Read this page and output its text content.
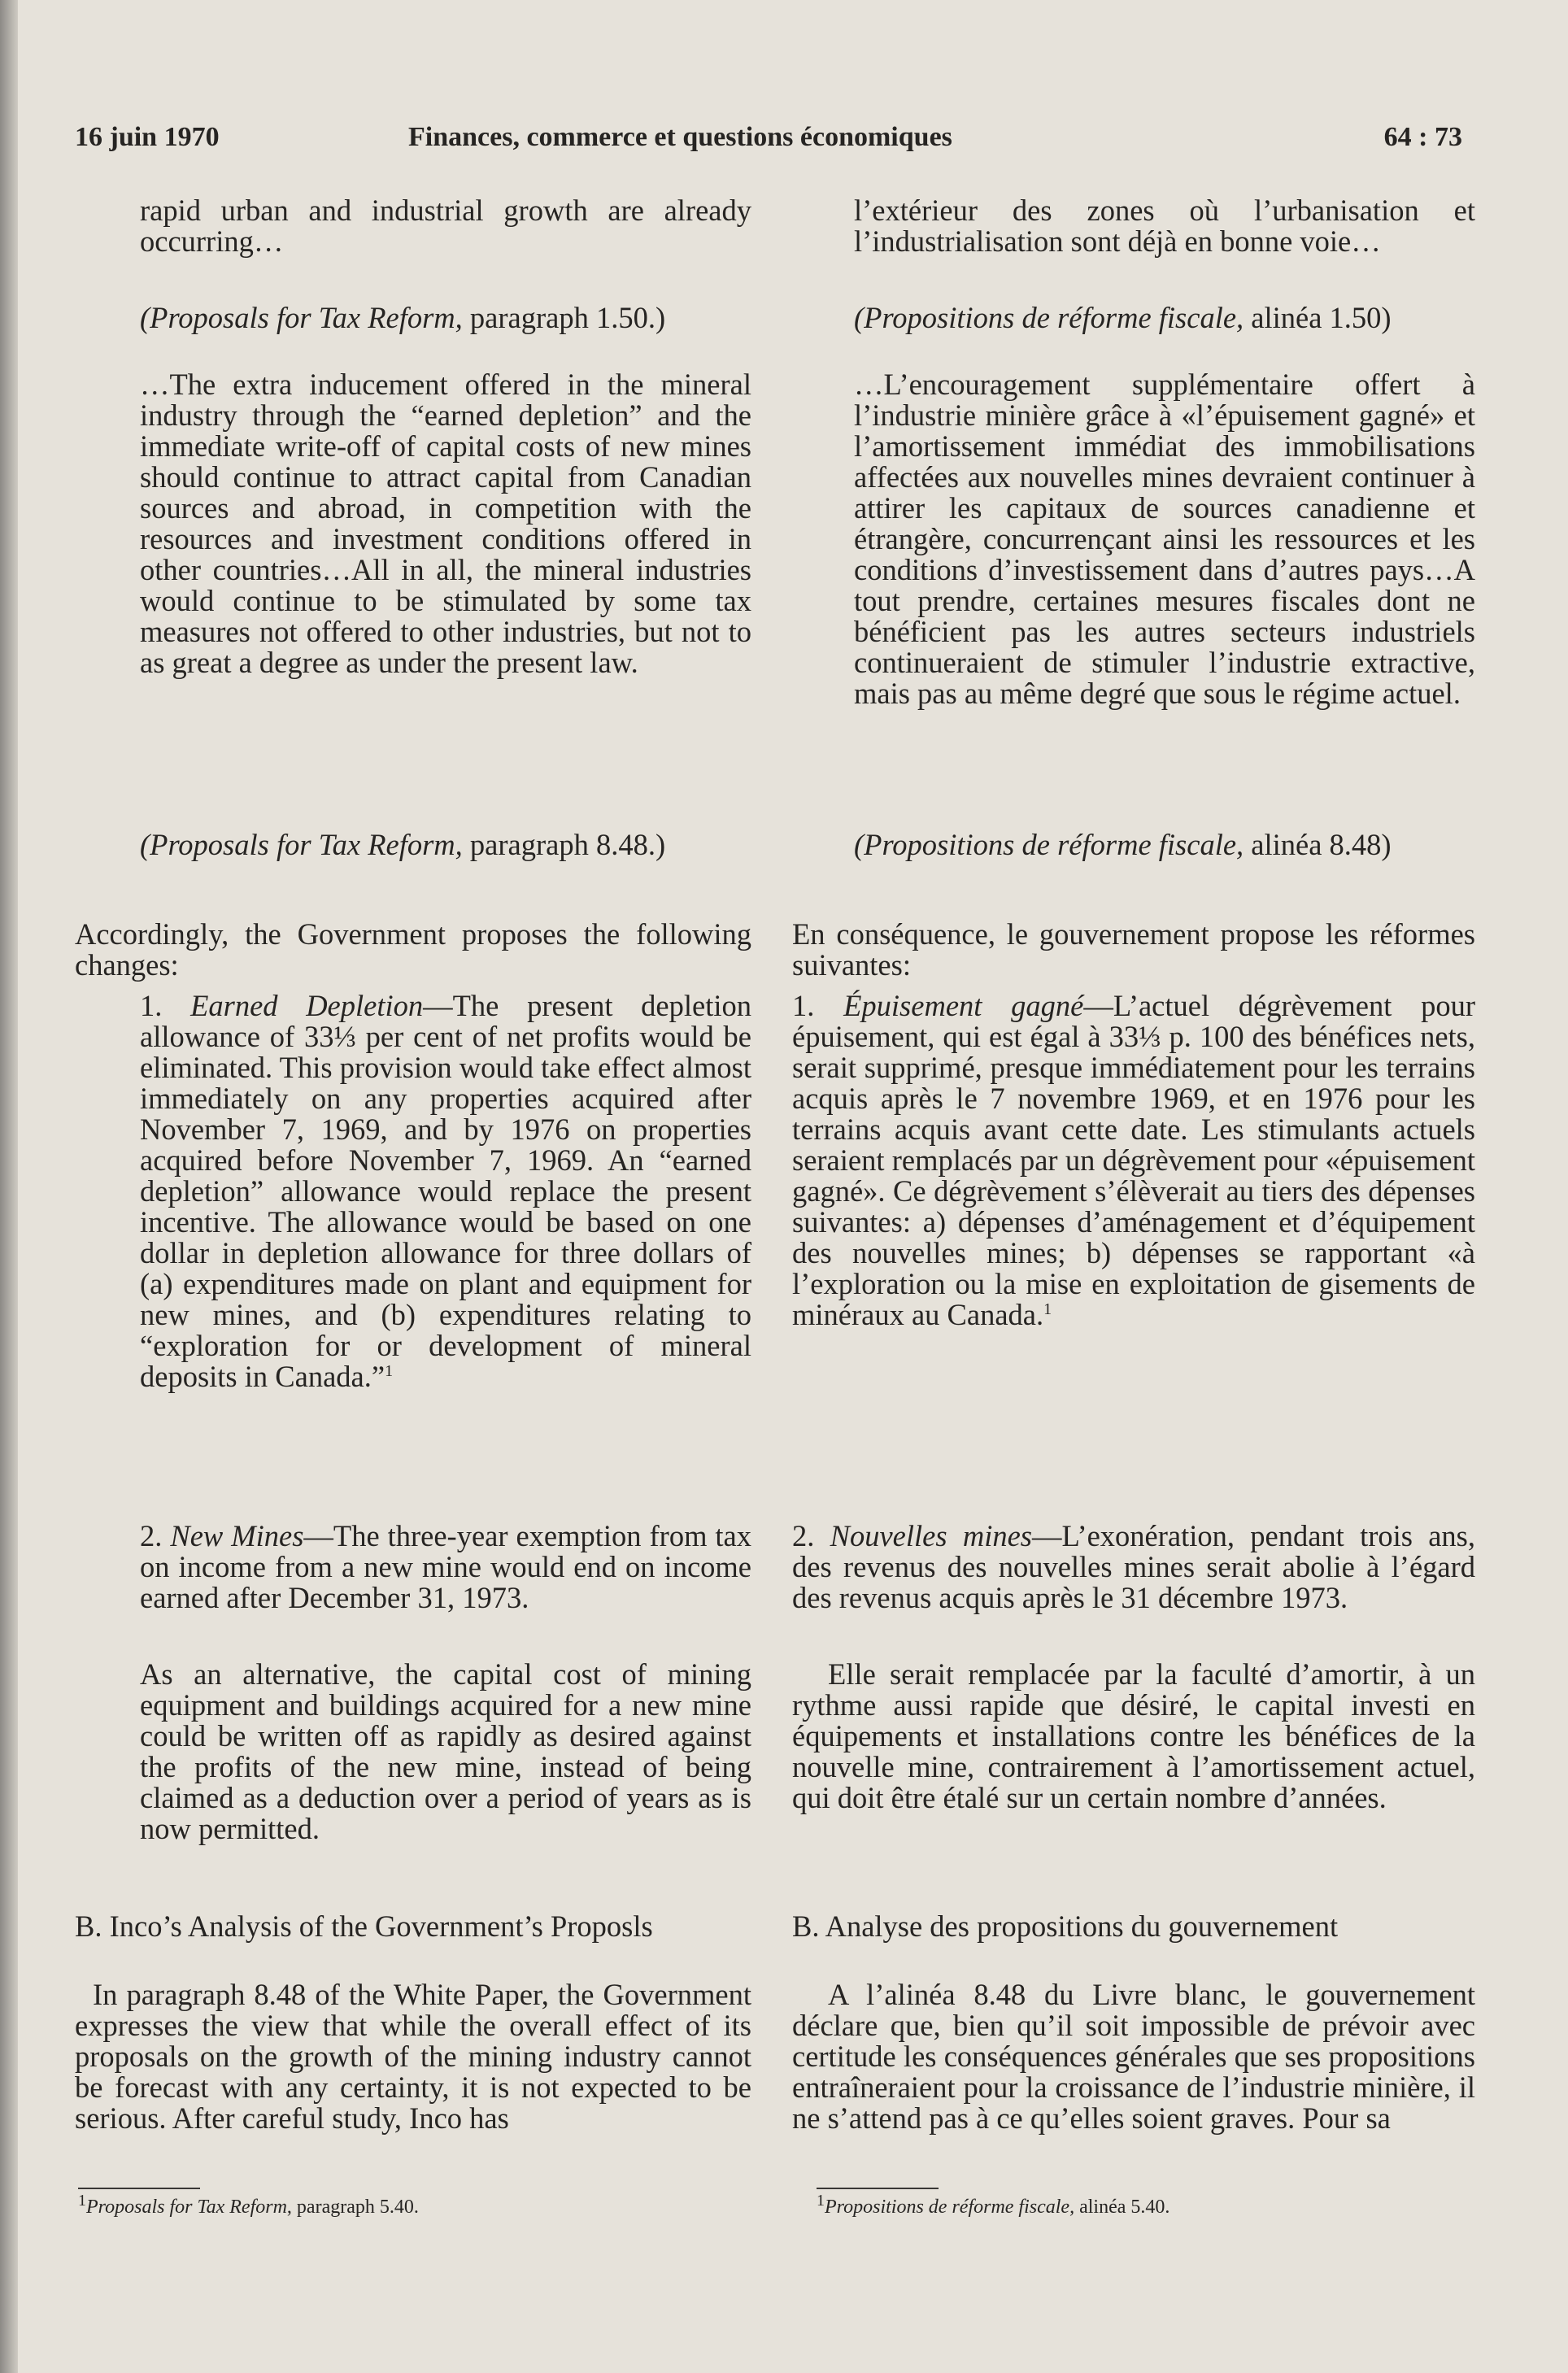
16 juin 1970	Finances, commerce et questions économiques	64 : 73

rapid urban and industrial growth are already occurring…

(Proposals for Tax Reform, paragraph 1.50.)

…The extra inducement offered in the mineral industry through the “earned depletion” and the immediate write-off of capital costs of new mines should continue to attract capital from Canadian sources and abroad, in competition with the resources and investment conditions offered in other countries…All in all, the mineral industries would continue to be stimulated by some tax measures not offered to other industries, but not to as great a degree as under the present law.

(Proposals for Tax Reform, paragraph 8.48.)

Accordingly, the Government proposes the following changes:

1. Earned Depletion—The present depletion allowance of 33⅓ per cent of net profits would be eliminated. This provision would take effect almost immediately on any properties acquired after November 7, 1969, and by 1976 on properties acquired before November 7, 1969. An “earned depletion” allowance would replace the present incentive. The allowance would be based on one dollar in depletion allowance for three dollars of (a) expenditures made on plant and equipment for new mines, and (b) expenditures relating to “exploration for or development of mineral deposits in Canada.”$^1$

2. New Mines—The three-year exemption from tax on income from a new mine would end on income earned after December 31, 1973.

As an alternative, the capital cost of mining equipment and buildings acquired for a new mine could be written off as rapidly as desired against the profits of the new mine, instead of being claimed as a deduction over a period of years as is now permitted.

B. Inco’s Analysis of the Government’s Proposls

In paragraph 8.48 of the White Paper, the Government expresses the view that while the overall effect of its proposals on the growth of the mining industry cannot be forecast with any certainty, it is not expected to be serious. After careful study, Inco has

l’extérieur des zones où l’urbanisation et l’industrialisation sont déjà en bonne voie…

(Propositions de réforme fiscale, alinéa 1.50)

…L’encouragement supplémentaire offert à l’industrie minière grâce à «l’épuisement gagné» et l’amortissement immédiat des immobilisations affectées aux nouvelles mines devraient continuer à attirer les capitaux de sources canadienne et étrangère, concurrençant ainsi les ressources et les conditions d’investissement dans d’autres pays…A tout prendre, certaines mesures fiscales dont ne bénéficient pas les autres secteurs industriels continueraient de stimuler l’industrie extractive, mais pas au même degré que sous le régime actuel.

(Propositions de réforme fiscale, alinéa 8.48)

En conséquence, le gouvernement propose les réformes suivantes:

1. Épuisement gagné—L’actuel dégrèvement pour épuisement, qui est égal à 33⅓ p. 100 des bénéfices nets, serait supprimé, presque immédiatement pour les terrains acquis après le 7 novembre 1969, et en 1976 pour les terrains acquis avant cette date. Les stimulants actuels seraient remplacés par un dégrèvement pour «épuisement gagné». Ce dégrèvement s’élèverait au tiers des dépenses suivantes: a) dépenses d’aménagement et d’équipement des nouvelles mines; b) dépenses se rapportant «à l’exploration ou la mise en exploitation de gisements de minéraux au Canada.$^1$

2. Nouvelles mines—L’exonération, pendant trois ans, des revenus des nouvelles mines serait abolie à l’égard des revenus acquis après le 31 décembre 1973.

Elle serait remplacée par la faculté d’amortir, à un rythme aussi rapide que désiré, le capital investi en équipements et installations contre les bénéfices de la nouvelle mine, contrairement à l’amortissement actuel, qui doit être étalé sur un certain nombre d’années.

B. Analyse des propositions du gouvernement

A l’alinéa 8.48 du Livre blanc, le gouvernement déclare que, bien qu’il soit impossible de prévoir avec certitude les conséquences générales que ses propositions entraîneraient pour la croissance de l’industrie minière, il ne s’attend pas à ce qu’elles soient graves. Pour sa

$^1$Proposals for Tax Reform, paragraph 5.40.	$^1$Propositions de réforme fiscale, alinéa 5.40.
